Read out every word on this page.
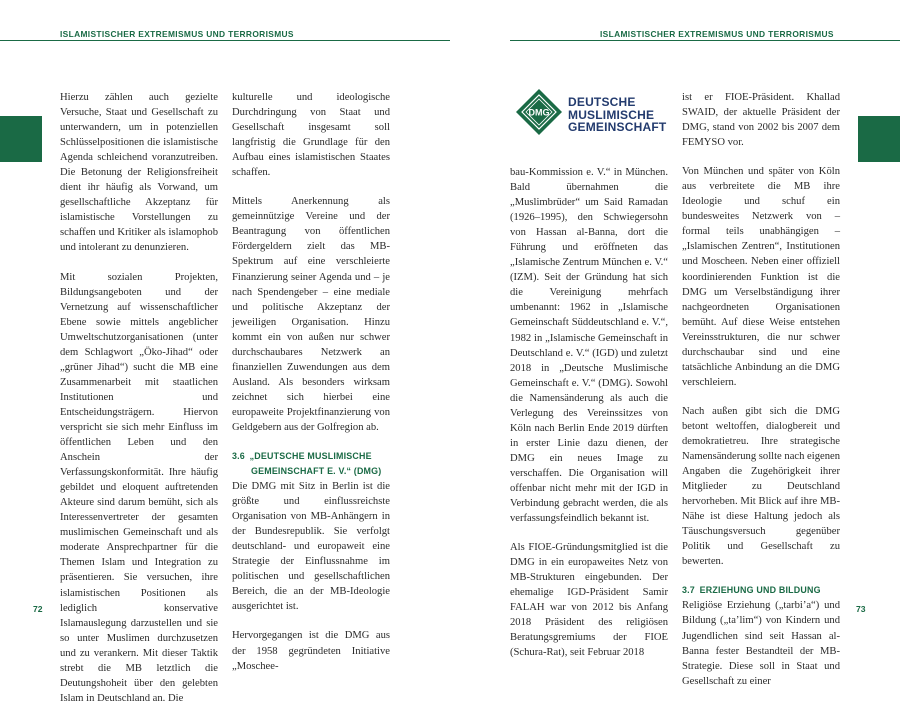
ISLAMISTISCHER EXTREMISMUS UND TERRORISMUS

Hierzu zählen auch gezielte Versuche, Staat und Gesellschaft zu unterwandern, um in potenziellen Schlüsselpositionen die islamistische Agenda schleichend voranzutreiben. Die Betonung der Religionsfreiheit dient ihr häufig als Vorwand, um gesellschaftliche Akzeptanz für islamistische Vorstellungen zu schaffen und Kritiker als islamophob und intolerant zu denunzieren.

Mit sozialen Projekten, Bildungsangeboten und der Vernetzung auf wissenschaftlicher Ebene sowie mittels angeblicher Umweltschutzorganisationen (unter dem Schlagwort „Öko-Jihad“ oder „grüner Jihad“) sucht die MB eine Zusammenarbeit mit staatlichen Institutionen und Entscheidungsträgern. Hiervon verspricht sie sich mehr Einfluss im öffentlichen Leben und den Anschein der Verfassungskonformität. Ihre häufig gebildet und eloquent auftretenden Akteure sind darum bemüht, sich als Interessenvertreter der gesamten muslimischen Gemeinschaft und als moderate Ansprechpartner für die Themen Islam und Integration zu präsentieren. Sie versuchen, ihre islamistischen Positionen als lediglich konservative Islamauslegung darzustellen und sie so unter Muslimen durchzusetzen und zu verankern. Mit dieser Taktik strebt die MB letztlich die Deutungshoheit über den gelebten Islam in Deutschland an. Die

kulturelle und ideologische Durchdringung von Staat und Gesellschaft insgesamt soll langfristig die Grundlage für den Aufbau eines islamistischen Staates schaffen.

Mittels Anerkennung als gemeinnützige Vereine und der Beantragung von öffentlichen Fördergeldern zielt das MB-Spektrum auf eine verschleierte Finanzierung seiner Agenda und – je nach Spendengeber – eine mediale und politische Akzeptanz der jeweiligen Organisation. Hinzu kommt ein von außen nur schwer durchschaubares Netzwerk an finanziellen Zuwendungen aus dem Ausland. Als besonders wirksam zeichnet sich hierbei eine europaweite Projektfinanzierung von Geldgebern aus der Golfregion ab.

3.6 „DEUTSCHE MUSLIMISCHE
GEMEINSCHAFT E. V.“ (DMG)

Die DMG mit Sitz in Berlin ist die größte und einflussreichste Organisation von MB-Anhängern in der Bundesrepublik. Sie verfolgt deutschland- und europaweit eine Strategie der Einflussnahme im politischen und gesellschaftlichen Bereich, die an der MB-Ideologie ausgerichtet ist.

Hervorgegangen ist die DMG aus der 1958 gegründeten Initiative „Moschee-

72
ISLAMISTISCHER EXTREMISMUS UND TERRORISMUS
73
DMG
DEUTSCHE
MUSLIMISCHE
GEMEINSCHAFT

bau-Kommission e. V.“ in München. Bald übernahmen die „Muslimbrüder“ um Said Ramadan (1926–1995), den Schwiegersohn von Hassan al-Banna, dort die Führung und eröffneten das „Islamische Zentrum München e. V.“ (IZM). Seit der Gründung hat sich die Vereinigung mehrfach umbenannt: 1962 in „Islamische Gemeinschaft Süddeutschland e. V.“, 1982 in „Islamische Gemeinschaft in Deutschland e. V.“ (IGD) und zuletzt 2018 in „Deutsche Muslimische Gemeinschaft e. V.“ (DMG). Sowohl die Namensänderung als auch die Verlegung des Vereinssitzes von Köln nach Berlin Ende 2019 dürften in erster Linie dazu dienen, der DMG ein neues Image zu verschaffen. Die Organisation will offenbar nicht mehr mit der IGD in Verbindung gebracht werden, die als verfassungsfeindlich bekannt ist.

Als FIOE-Gründungsmitglied ist die DMG in ein europaweites Netz von MB-Strukturen eingebunden. Der ehemalige IGD-Präsident Samir FALAH war von 2012 bis Anfang 2018 Präsident des religiösen Beratungsgremiums der FIOE (Schura-Rat), seit Februar 2018

ist er FIOE-Präsident. Khallad SWAID, der aktuelle Präsident der DMG, stand von 2002 bis 2007 dem FEMYSO vor.

Von München und später von Köln aus verbreitete die MB ihre Ideologie und schuf ein bundesweites Netzwerk von – formal teils unabhängigen – „Islamischen Zentren“, Institutionen und Moscheen. Neben einer offiziell koordinierenden Funktion ist die DMG um Verselbständigung ihrer nachgeordneten Organisationen bemüht. Auf diese Weise entstehen Vereinsstrukturen, die nur schwer durchschaubar sind und eine tatsächliche Anbindung an die DMG verschleiern.

Nach außen gibt sich die DMG betont weltoffen, dialogbereit und demokratietreu. Ihre strategische Namensänderung sollte nach eigenen Angaben die Zugehörigkeit ihrer Mitglieder zu Deutschland hervorheben. Mit Blick auf ihre MB-Nähe ist diese Haltung jedoch als Täuschungsversuch gegenüber Politik und Gesellschaft zu bewerten.

3.7 ERZIEHUNG UND BILDUNG

Religiöse Erziehung („tarbi’a“) und Bildung („ta’lim“) von Kindern und Jugendlichen sind seit Hassan al-Banna fester Bestandteil der MB-Strategie. Diese soll in Staat und Gesellschaft zu einer
